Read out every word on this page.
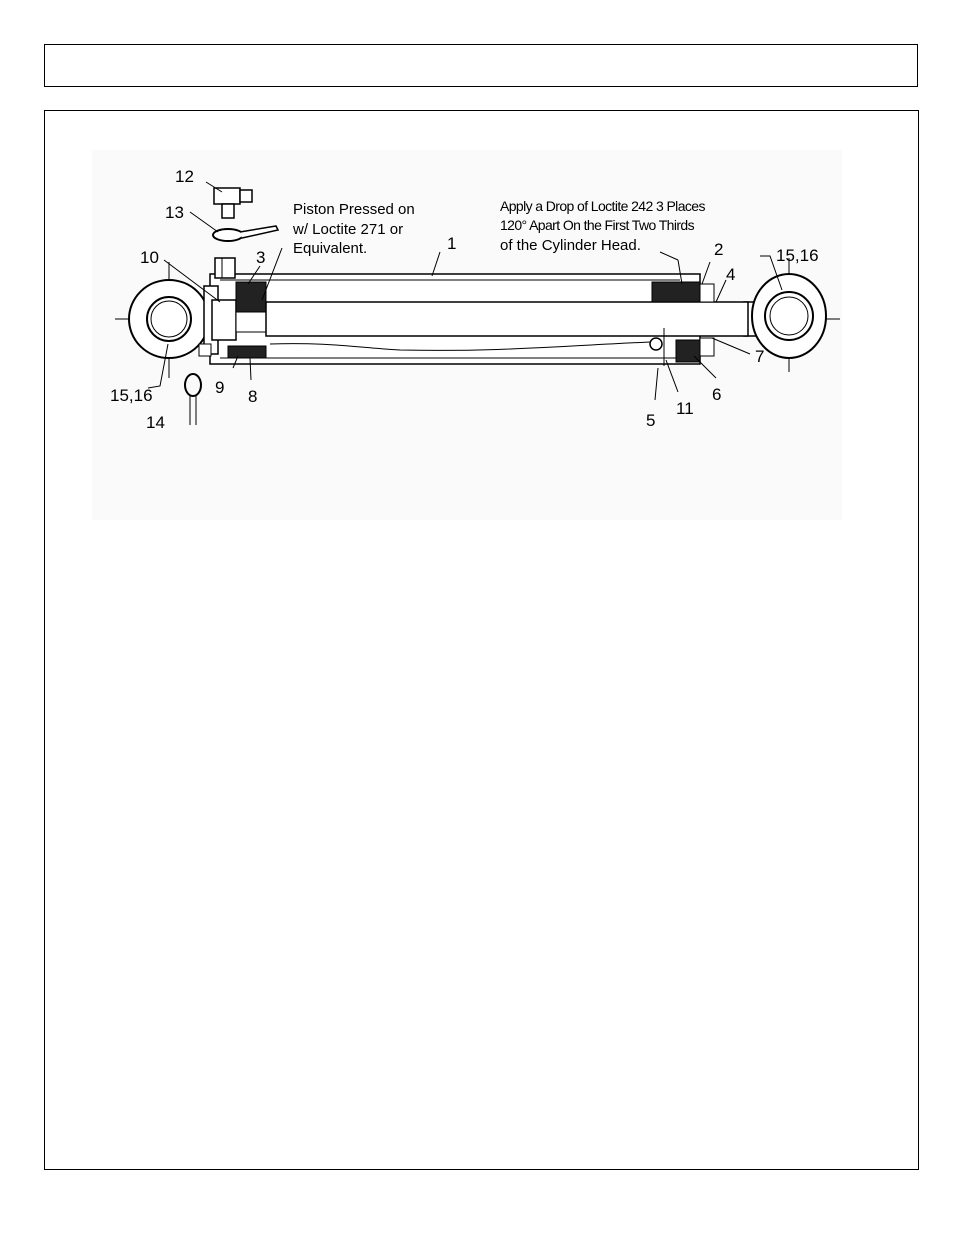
Piston Pressed on
w/ Loctite 271 or
Equivalent.
Apply a Drop of Loctite 242 3 Places
120° Apart On the First Two Thirds
of the Cylinder Head.
12
13
10	3
1	2
4
15,16
7
6
11
5
9 8
15,16
14
